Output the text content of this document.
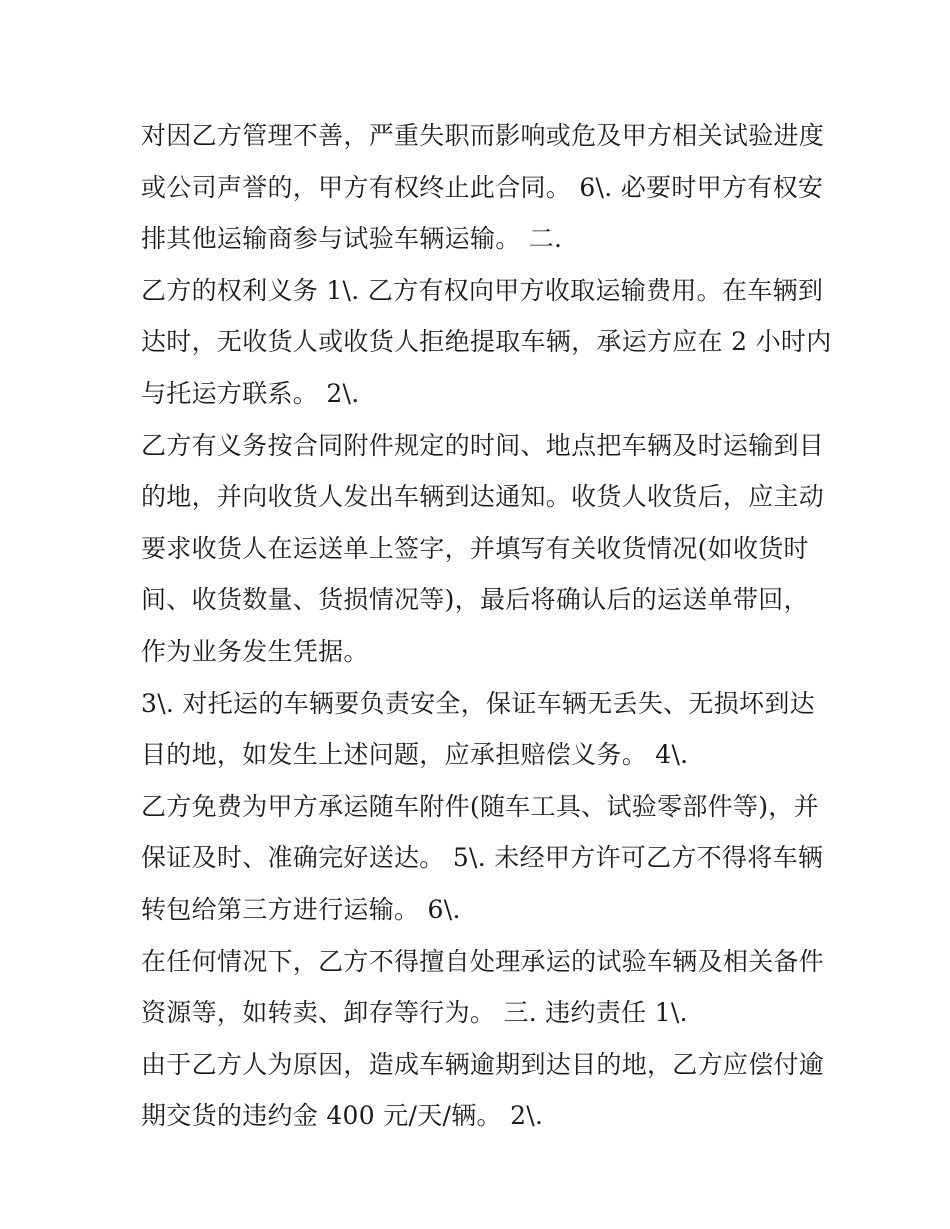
对因乙方管理不善，严重失职而影响或危及甲方相关试验进度
或公司声誉的，甲方有权终止此合同。 6\. 必要时甲方有权安
排其他运输商参与试验车辆运输。 二.
乙方的权利义务 1\. 乙方有权向甲方收取运输费用。在车辆到
达时，无收货人或收货人拒绝提取车辆，承运方应在 2 小时内
与托运方联系。 2\.
乙方有义务按合同附件规定的时间、地点把车辆及时运输到目
的地，并向收货人发出车辆到达通知。收货人收货后，应主动
要求收货人在运送单上签字，并填写有关收货情况(如收货时
间、收货数量、货损情况等)，最后将确认后的运送单带回，
作为业务发生凭据。
3\. 对托运的车辆要负责安全，保证车辆无丢失、无损坏到达
目的地，如发生上述问题，应承担赔偿义务。 4\.
乙方免费为甲方承运随车附件(随车工具、试验零部件等)，并
保证及时、准确完好送达。 5\. 未经甲方许可乙方不得将车辆
转包给第三方进行运输。 6\.
在任何情况下，乙方不得擅自处理承运的试验车辆及相关备件
资源等，如转卖、卸存等行为。 三. 违约责任 1\.
由于乙方人为原因，造成车辆逾期到达目的地，乙方应偿付逾
期交货的违约金 400 元/天/辆。 2\.
